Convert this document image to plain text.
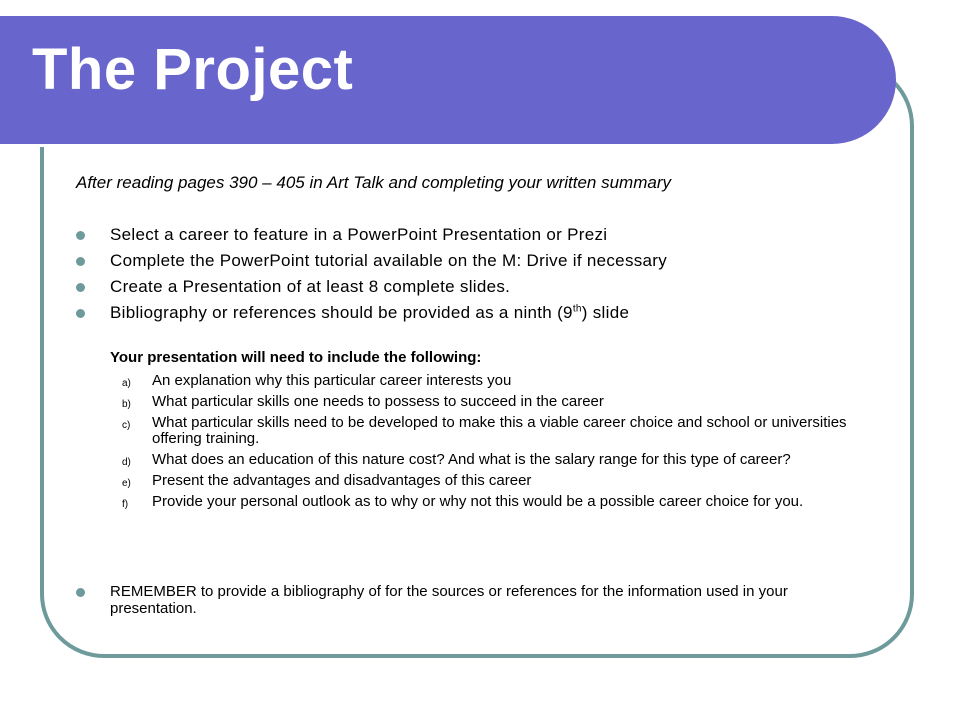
The Project

After reading pages 390 – 405 in Art Talk and completing your written summary

Select a career to feature in a PowerPoint Presentation or Prezi
Complete the PowerPoint tutorial available on the M: Drive if necessary
Create a Presentation of at least 8 complete slides.
Bibliography or references should be provided as a ninth (9th) slide

Your presentation will need to include the following:

a) An explanation why this particular career interests you
b) What particular skills one needs to possess to succeed in the career
c) What particular skills need to be developed to make this a viable career choice and school or universities offering training.
d) What does an education of this nature cost? And what is the salary range for this type of career?
e) Present the advantages and disadvantages of this career
f) Provide your personal outlook as to why or why not this would be a possible career choice for you.
REMEMBER to provide a bibliography of for the sources or references for the information used in your presentation.
